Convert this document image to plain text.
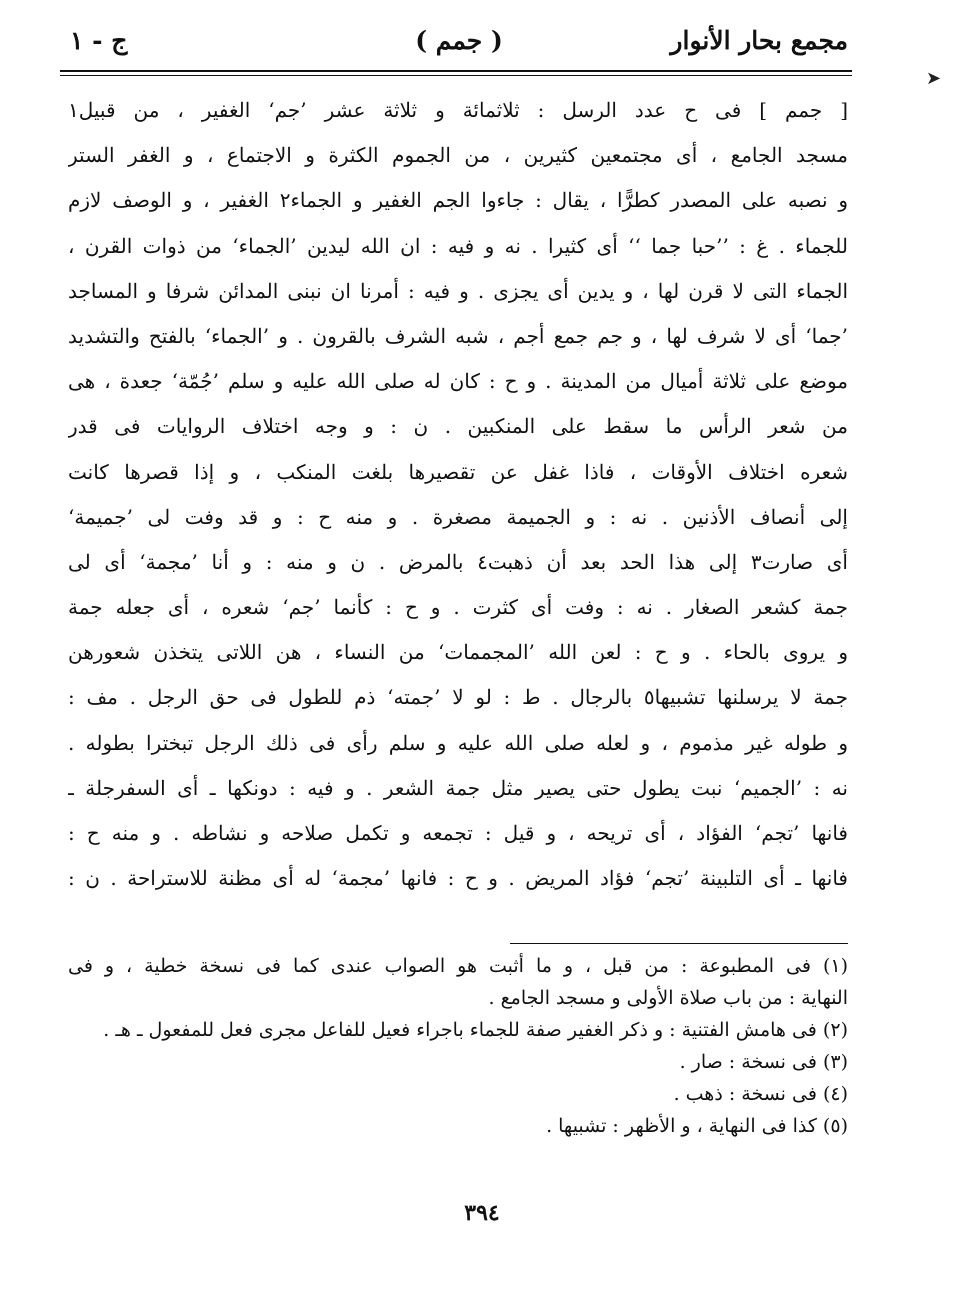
مجمع بحار الأنوار
( جمم )
ج - ١
➤
[ جمم ] فى ح عدد الرسل : ثلاثمائة و ثلاثة عشر ’جم‘ الغفير ، من قبيل١
مسجد الجامع ، أى مجتمعين كثيرين ، من الجموم الكثرة و الاجتماع ، و الغفر الستر
و نصبه على المصدر كطرًّا ، يقال : جاءوا الجم الغفير و الجماء٢ الغفير ، و الوصف لازم
للجماء . غ : ’’حبا جما ‘‘ أى كثيرا . نه و فيه : ان الله ليدين ’الجماء‘ من ذوات القرن ،
الجماء التى لا قرن لها ، و يدين أى يجزى . و فيه : أمرنا ان نبنى المدائن شرفا و المساجد
’جما‘ أى لا شرف لها ، و جم جمع أجم ، شبه الشرف بالقرون . و ’الجماء‘ بالفتح والتشديد
موضع على ثلاثة أميال من المدينة . و ح : كان له صلى الله عليه و سلم ’جُمّة‘ جعدة ، هى
من شعر الرأس ما سقط على المنكبين . ن : و وجه اختلاف الروايات فى قدر
شعره اختلاف الأوقات ، فاذا غفل عن تقصيرها بلغت المنكب ، و إذا قصرها كانت
إلى أنصاف الأذنين . نه : و الجميمة مصغرة . و منه ح : و قد وفت لى ’جميمة‘
أى صارت٣ إلى هذا الحد بعد أن ذهبت٤ بالمرض . ن و منه : و أنا ’مجمة‘ أى لى
جمة كشعر الصغار . نه : وفت أى كثرت . و ح : كأنما ’جم‘ شعره ، أى جعله جمة
و يروى بالحاء . و ح : لعن الله ’المجممات‘ من النساء ، هن اللاتى يتخذن شعورهن
جمة لا يرسلنها تشبيها٥ بالرجال . ط : لو لا ’جمته‘ ذم للطول فى حق الرجل . مف :
و طوله غير مذموم ، و لعله صلى الله عليه و سلم رأى فى ذلك الرجل تبخترا بطوله .
نه : ’الجميم‘ نبت يطول حتى يصير مثل جمة الشعر . و فيه : دونكها ـ أى السفرجلة ـ
فانها ’تجم‘ الفؤاد ، أى تريحه ، و قيل : تجمعه و تكمل صلاحه و نشاطه . و منه ح :
فانها ـ أى التلبينة ’تجم‘ فؤاد المريض . و ح : فانها ’مجمة‘ له أى مظنة للاستراحة . ن :
(١) فى المطبوعة : من قبل ، و ما أثبت هو الصواب عندى كما فى نسخة خطية ، و فى
النهاية : من باب صلاة الأولى و مسجد الجامع .
(٢) فى هامش الفتنية : و ذكر الغفير صفة للجماء باجراء فعيل للفاعل مجرى فعل للمفعول ـ هـ .
(٣) فى نسخة : صار .
(٤) فى نسخة : ذهب .
(٥) كذا فى النهاية ، و الأظهر : تشبيها .
٣٩٤
